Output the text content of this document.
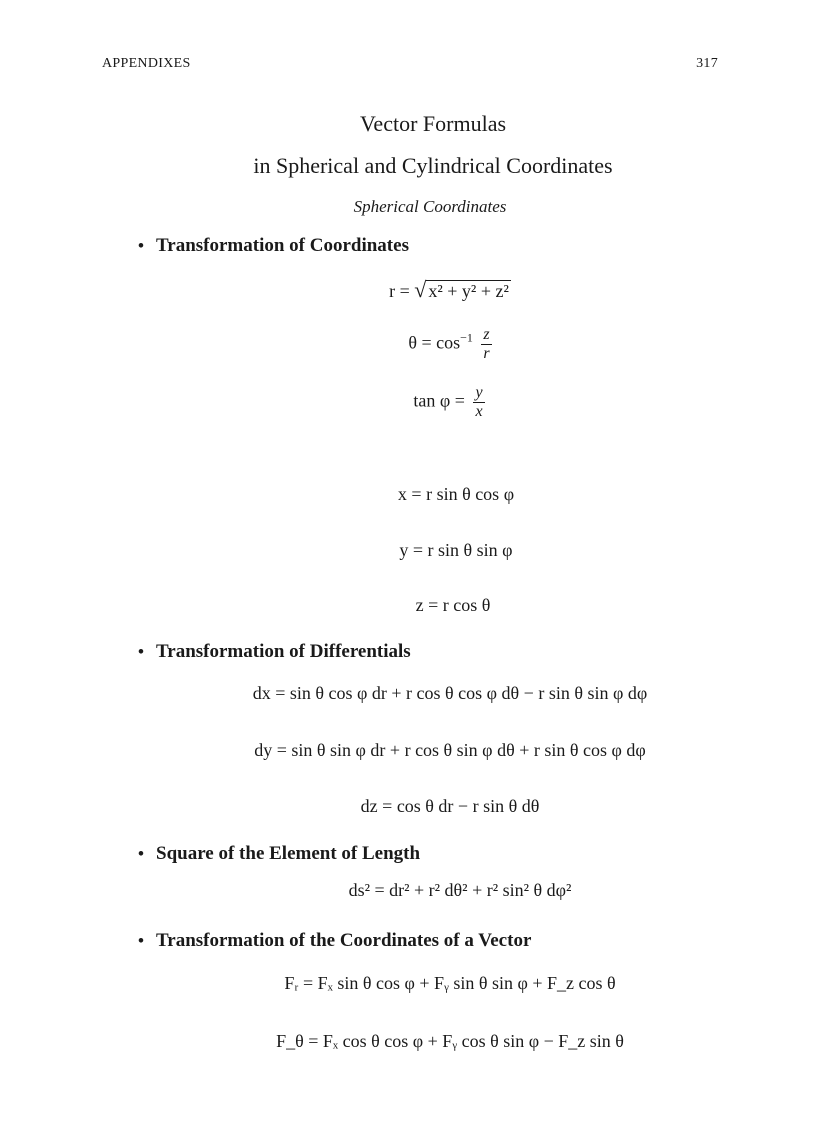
APPENDIXES	317
Vector Formulas
in Spherical and Cylindrical Coordinates
Spherical Coordinates
• Transformation of Coordinates
r = √ x² + y² + z²
$\theta = \cos^{-1} \frac{z}{r}$
$\tan \varphi = \frac{y}{x}$
x = r sin θ cos φ
y = r sin θ sin φ
z = r cos θ
• Transformation of Differentials
dx = sin θ cos φ dr + r cos θ cos φ dθ − r sin θ sin φ dφ
dy = sin θ sin φ dr + r cos θ sin φ dθ + r sin θ cos φ dφ
dz = cos θ dr − r sin θ dθ
• Square of the Element of Length
ds² = dr² + r² dθ² + r² sin² θ dφ²
• Transformation of the Coordinates of a Vector
Fᵣ = Fₓ sin θ cos φ + Fᵧ sin θ sin φ + F_z cos θ
F_θ = Fₓ cos θ cos φ + Fᵧ cos θ sin φ − F_z sin θ
